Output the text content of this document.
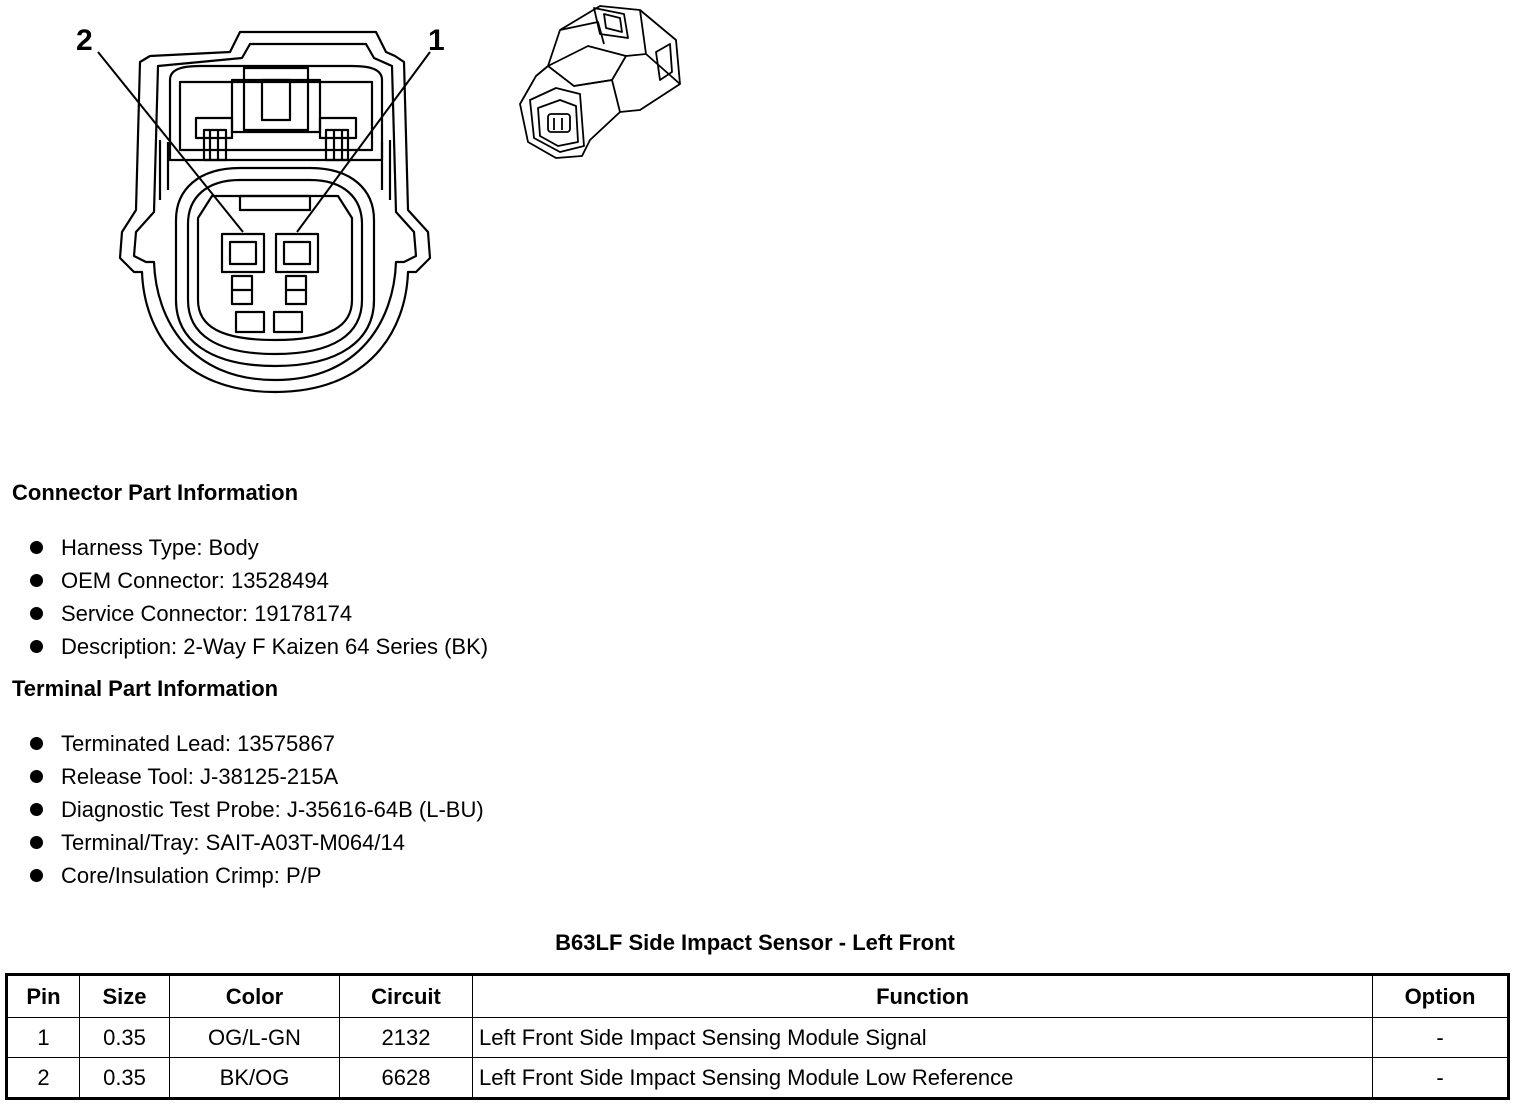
2	1
Connector Part Information
Harness Type: Body
OEM Connector: 13528494
Service Connector: 19178174
Description: 2-Way F Kaizen 64 Series (BK)
Terminal Part Information
Terminated Lead: 13575867
Release Tool: J-38125-215A
Diagnostic Test Probe: J-35616-64B (L-BU)
Terminal/Tray: SAIT-A03T-M064/14
Core/Insulation Crimp: P/P
B63LF Side Impact Sensor - Left Front
Pin	Size	Color	Circuit	Function	Option
1	0.35	OG/L-GN	2132	Left Front Side Impact Sensing Module Signal	-
2	0.35	BK/OG	6628	Left Front Side Impact Sensing Module Low Reference	-
